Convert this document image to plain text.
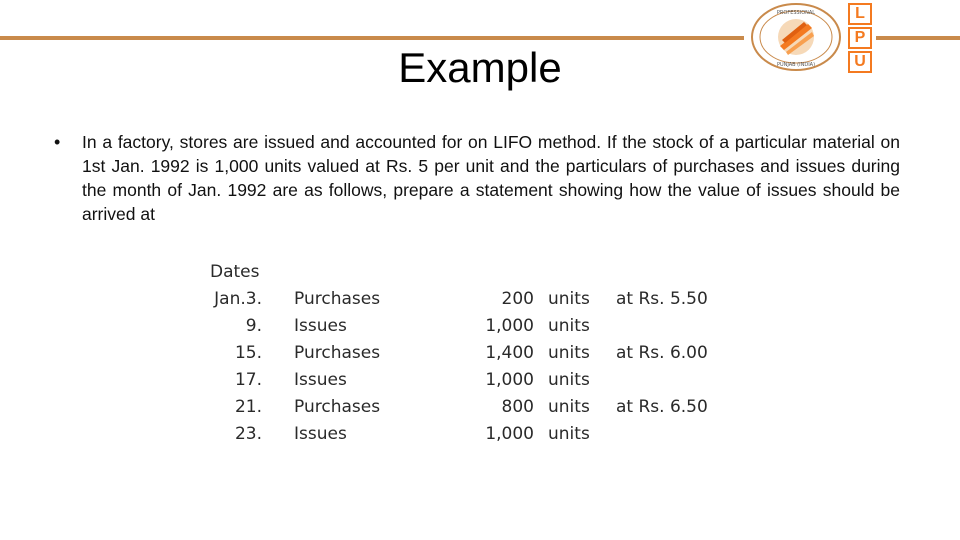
Example
PROFESSIONAL
PUNJAB (INDIA)
L
P
U
• In a factory, stores are issued and accounted for on LIFO method. If the stock of a particular material on 1st Jan. 1992 is 1,000 units valued at Rs. 5 per unit and the particulars of purchases and issues during the month of Jan. 1992 are as follows, prepare a statement showing how the value of issues should be arrived at
Dates
Jan.3. Purchases	200 units at Rs. 5.50
9. Issues	1,000 units
15. Purchases	1,400 units at Rs. 6.00
17. Issues	1,000 units
21. Purchases	800 units at Rs. 6.50
23. Issues	1,000 units
